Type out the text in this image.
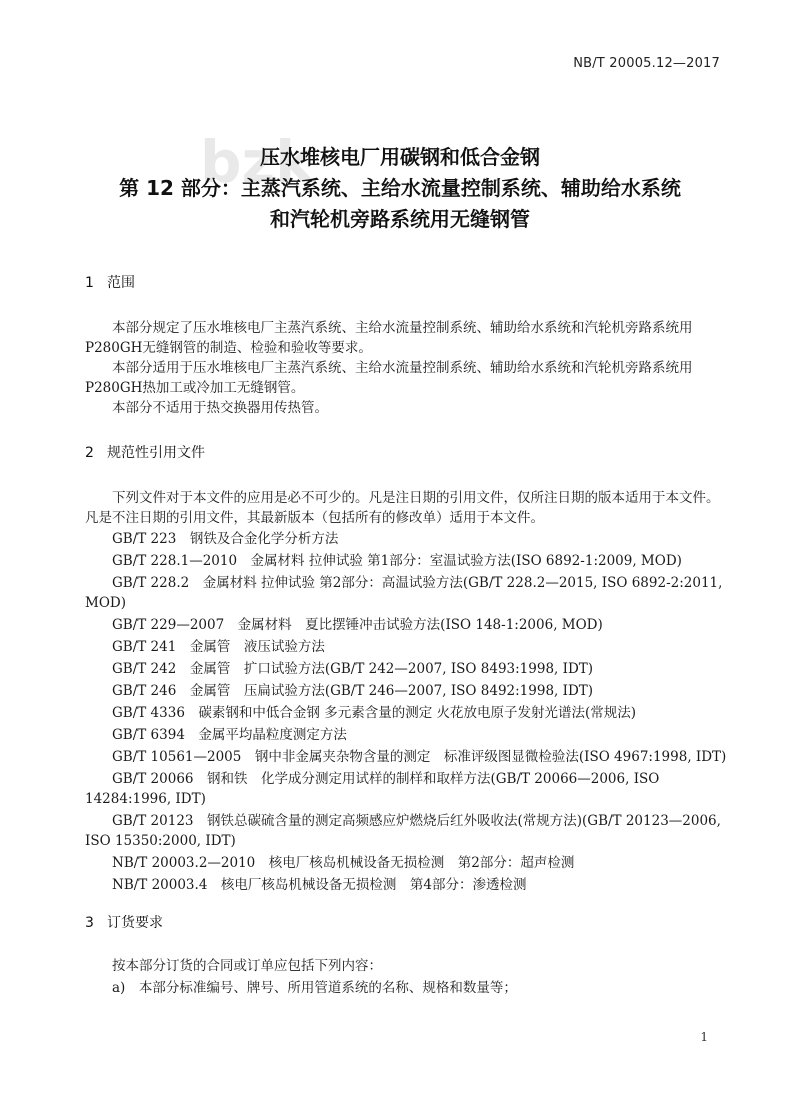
NB/T 20005.12—2017
bzk
压水堆核电厂用碳钢和低合金钢
第 12 部分：主蒸汽系统、主给水流量控制系统、辅助给水系统
和汽轮机旁路系统用无缝钢管
1 范围
本部分规定了压水堆核电厂主蒸汽系统、主给水流量控制系统、辅助给水系统和汽轮机旁路系统用P280GH无缝钢管的制造、检验和验收等要求。
本部分适用于压水堆核电厂主蒸汽系统、主给水流量控制系统、辅助给水系统和汽轮机旁路系统用P280GH热加工或冷加工无缝钢管。
本部分不适用于热交换器用传热管。
2 规范性引用文件
下列文件对于本文件的应用是必不可少的。凡是注日期的引用文件，仅所注日期的版本适用于本文件。凡是不注日期的引用文件，其最新版本（包括所有的修改单）适用于本文件。
GB/T 223　钢铁及合金化学分析方法
GB/T 228.1—2010　金属材料 拉伸试验 第1部分：室温试验方法(ISO 6892-1:2009, MOD)
GB/T 228.2　金属材料 拉伸试验 第2部分：高温试验方法(GB/T 228.2—2015, ISO 6892-2:2011, MOD)
GB/T 229—2007　金属材料　夏比摆锤冲击试验方法(ISO 148-1:2006, MOD)
GB/T 241　金属管　液压试验方法
GB/T 242　金属管　扩口试验方法(GB/T 242—2007, ISO 8493:1998, IDT)
GB/T 246　金属管　压扁试验方法(GB/T 246—2007, ISO 8492:1998, IDT)
GB/T 4336　碳素钢和中低合金钢 多元素含量的测定 火花放电原子发射光谱法(常规法)
GB/T 6394　金属平均晶粒度测定方法
GB/T 10561—2005　钢中非金属夹杂物含量的测定　标准评级图显微检验法(ISO 4967:1998, IDT)
GB/T 20066　钢和铁　化学成分测定用试样的制样和取样方法(GB/T 20066—2006, ISO 14284:1996, IDT)
GB/T 20123　钢铁总碳硫含量的测定高频感应炉燃烧后红外吸收法(常规方法)(GB/T 20123—2006, ISO 15350:2000, IDT)
NB/T 20003.2—2010　核电厂核岛机械设备无损检测　第2部分：超声检测
NB/T 20003.4　核电厂核岛机械设备无损检测　第4部分：渗透检测
3 订货要求
按本部分订货的合同或订单应包括下列内容：
a)　本部分标准编号、牌号、所用管道系统的名称、规格和数量等；
1
